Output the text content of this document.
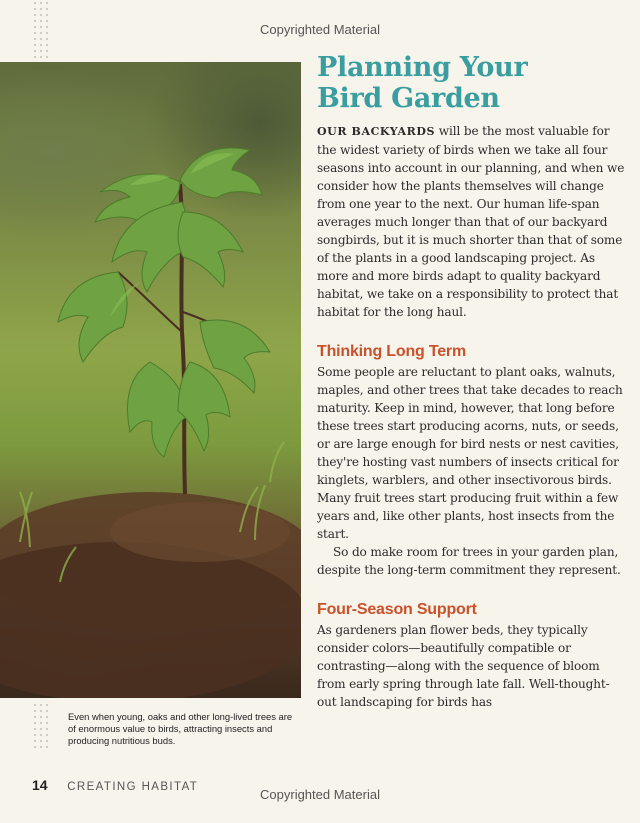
Copyrighted Material
Even when young, oaks and other long-lived trees are of enormous value to birds, attracting insects and producing nutritious buds.
Planning Your
Bird Garden

OUR BACKYARDS will be the most valuable for the widest variety of birds when we take all four seasons into account in our planning, and when we consider how the plants themselves will change from one year to the next. Our human life-span averages much longer than that of our backyard songbirds, but it is much shorter than that of some of the plants in a good landscaping project. As more and more birds adapt to quality backyard habitat, we take on a responsibility to protect that habitat for the long haul.

Thinking Long Term

Some people are reluctant to plant oaks, walnuts, maples, and other trees that take decades to reach maturity. Keep in mind, however, that long before these trees start producing acorns, nuts, or seeds, or are large enough for bird nests or nest cavities, they're hosting vast numbers of insects critical for kinglets, warblers, and other insectivorous birds. Many fruit trees start producing fruit within a few years and, like other plants, host insects from the start.

So do make room for trees in your garden plan, despite the long-term commitment they represent.

Four-Season Support

As gardeners plan flower beds, they typically consider colors—beautifully compatible or contrasting—along with the sequence of bloom from early spring through late fall. Well-thought-out landscaping for birds has

14 CREATING HABITAT	Copyrighted Material
